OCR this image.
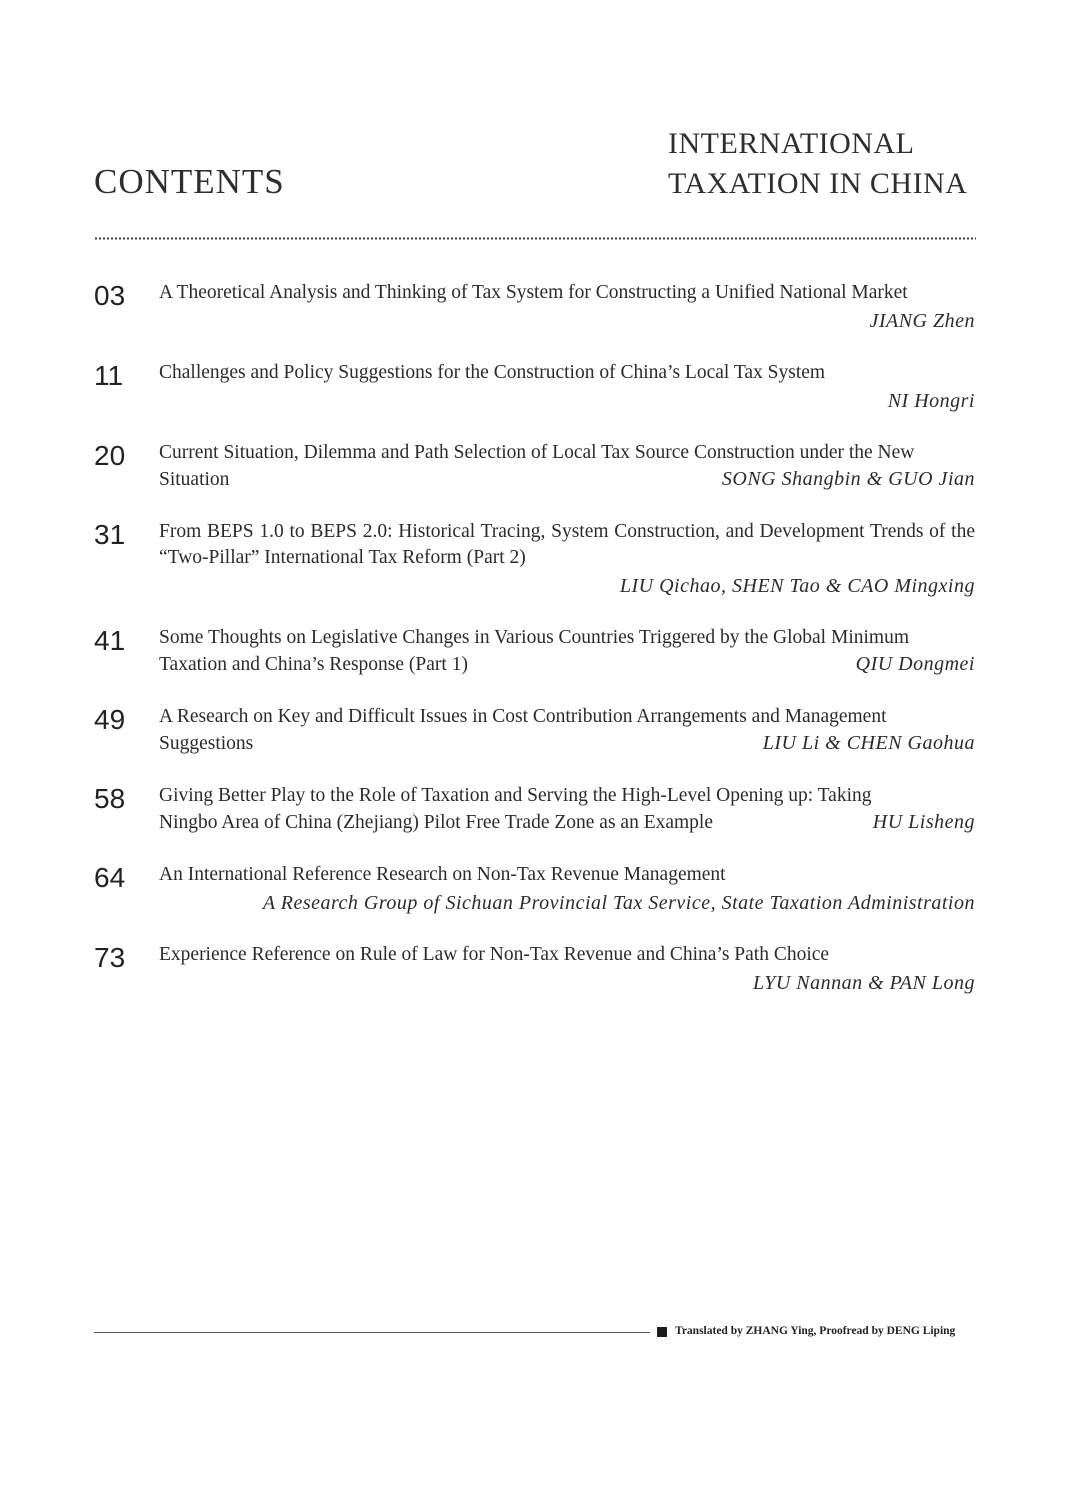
CONTENTS
INTERNATIONAL
TAXATION IN CHINA
03 A Theoretical Analysis and Thinking of Tax System for Constructing a Unified National Market
JIANG Zhen
11 Challenges and Policy Suggestions for the Construction of China’s Local Tax System
NI Hongri
20 Current Situation, Dilemma and Path Selection of Local Tax Source Construction under the New
Situation	SONG Shangbin & GUO Jian
31 From BEPS 1.0 to BEPS 2.0: Historical Tracing, System Construction, and Development Trends of the “Two-Pillar” International Tax Reform (Part 2)
LIU Qichao, SHEN Tao & CAO Mingxing
41 Some Thoughts on Legislative Changes in Various Countries Triggered by the Global Minimum
Taxation and China’s Response (Part 1)	QIU Dongmei
49 A Research on Key and Difficult Issues in Cost Contribution Arrangements and Management
Suggestions	LIU Li & CHEN Gaohua
58 Giving Better Play to the Role of Taxation and Serving the High-Level Opening up: Taking
Ningbo Area of China (Zhejiang) Pilot Free Trade Zone as an Example	HU Lisheng
64 An International Reference Research on Non-Tax Revenue Management
A Research Group of Sichuan Provincial Tax Service, State Taxation Administration
73 Experience Reference on Rule of Law for Non-Tax Revenue and China’s Path Choice
LYU Nannan & PAN Long
Translated by ZHANG Ying, Proofread by DENG Liping
